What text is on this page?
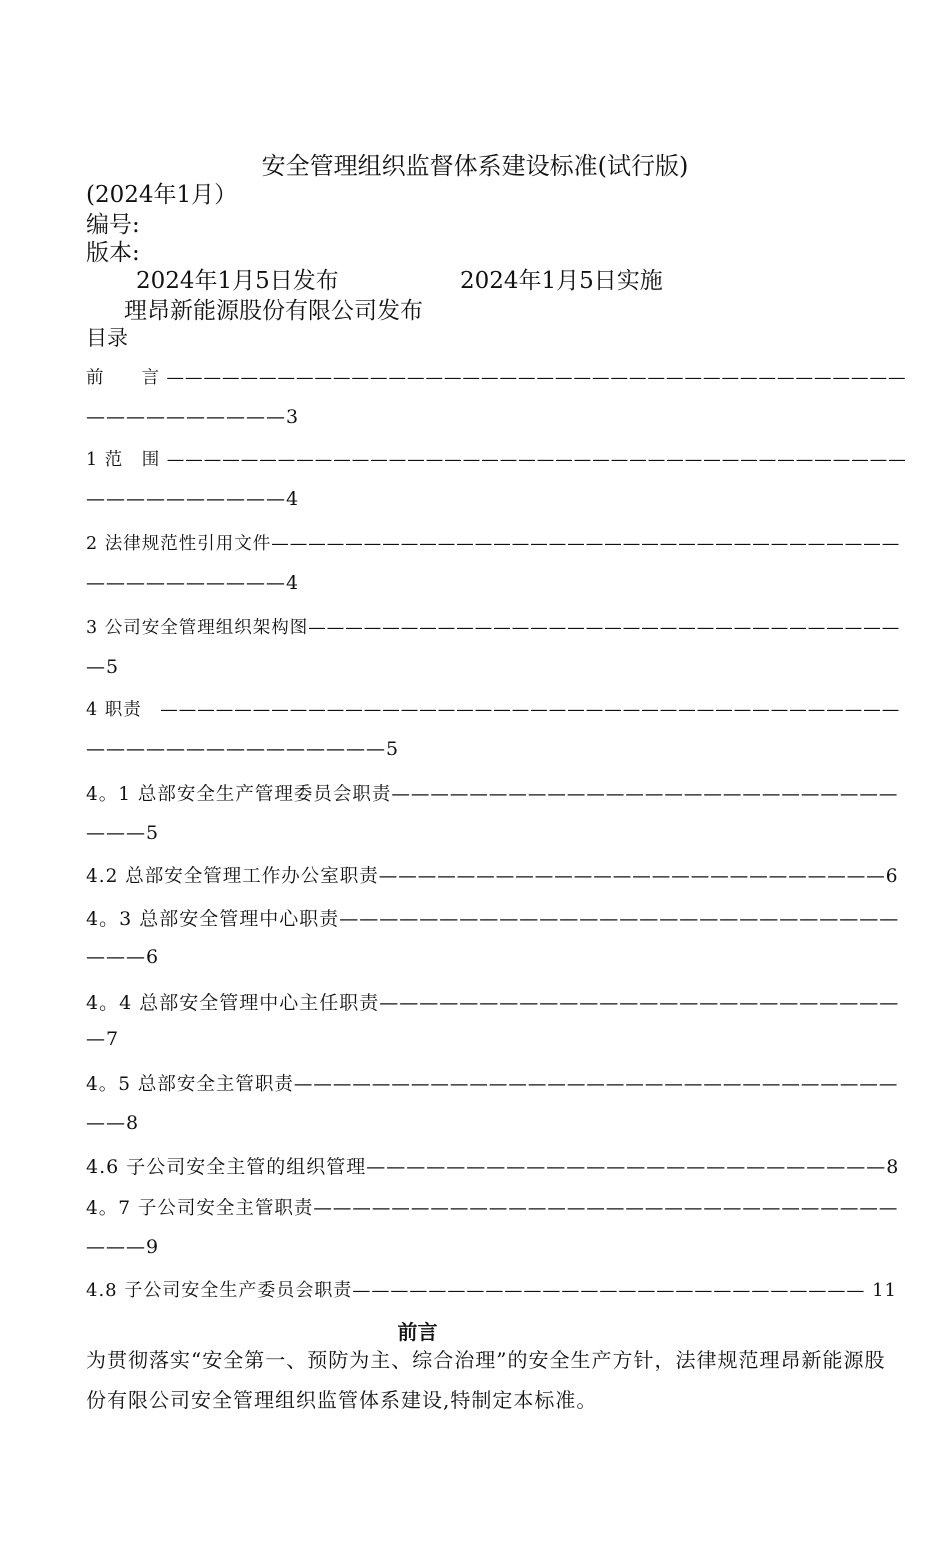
安全管理组织监督体系建设标准(试行版)
(2024年1月）
编号:
版本:
2024年1月5日发布	2024年1月5日实施
理昂新能源股份有限公司发布
目录
前　　言 ————————————————————————————————————————
——————————3
1 范　围 ————————————————————————————————————————
——————————4
2 法律规范性引用文件——————————————————————————————————
——————————4
3 公司安全管理组织架构图————————————————————————————————
—5
4 职责　————————————————————————————————————————
———————————————5
4。1 总部安全生产管理委员会职责——————————————————————————
———5
4.2 总部安全管理工作办公室职责——————————————————————————6
4。3 总部安全管理中心职责————————————————————————————
———6
4。4 总部安全管理中心主任职责——————————————————————————
—7
4。5 总部安全主管职责———————————————————————————————
——8
4.6 子公司安全主管的组织管理——————————————————————————8
4。7 子公司安全主管职责——————————————————————————————
———9
4.8 子公司安全生产委员会职责——————————————————————————— 11
前言
为贯彻落实“安全第一、预防为主、综合治理”的安全生产方针，法律规范理昂新能源股份有限公司安全管理组织监管体系建设,特制定本标准。
